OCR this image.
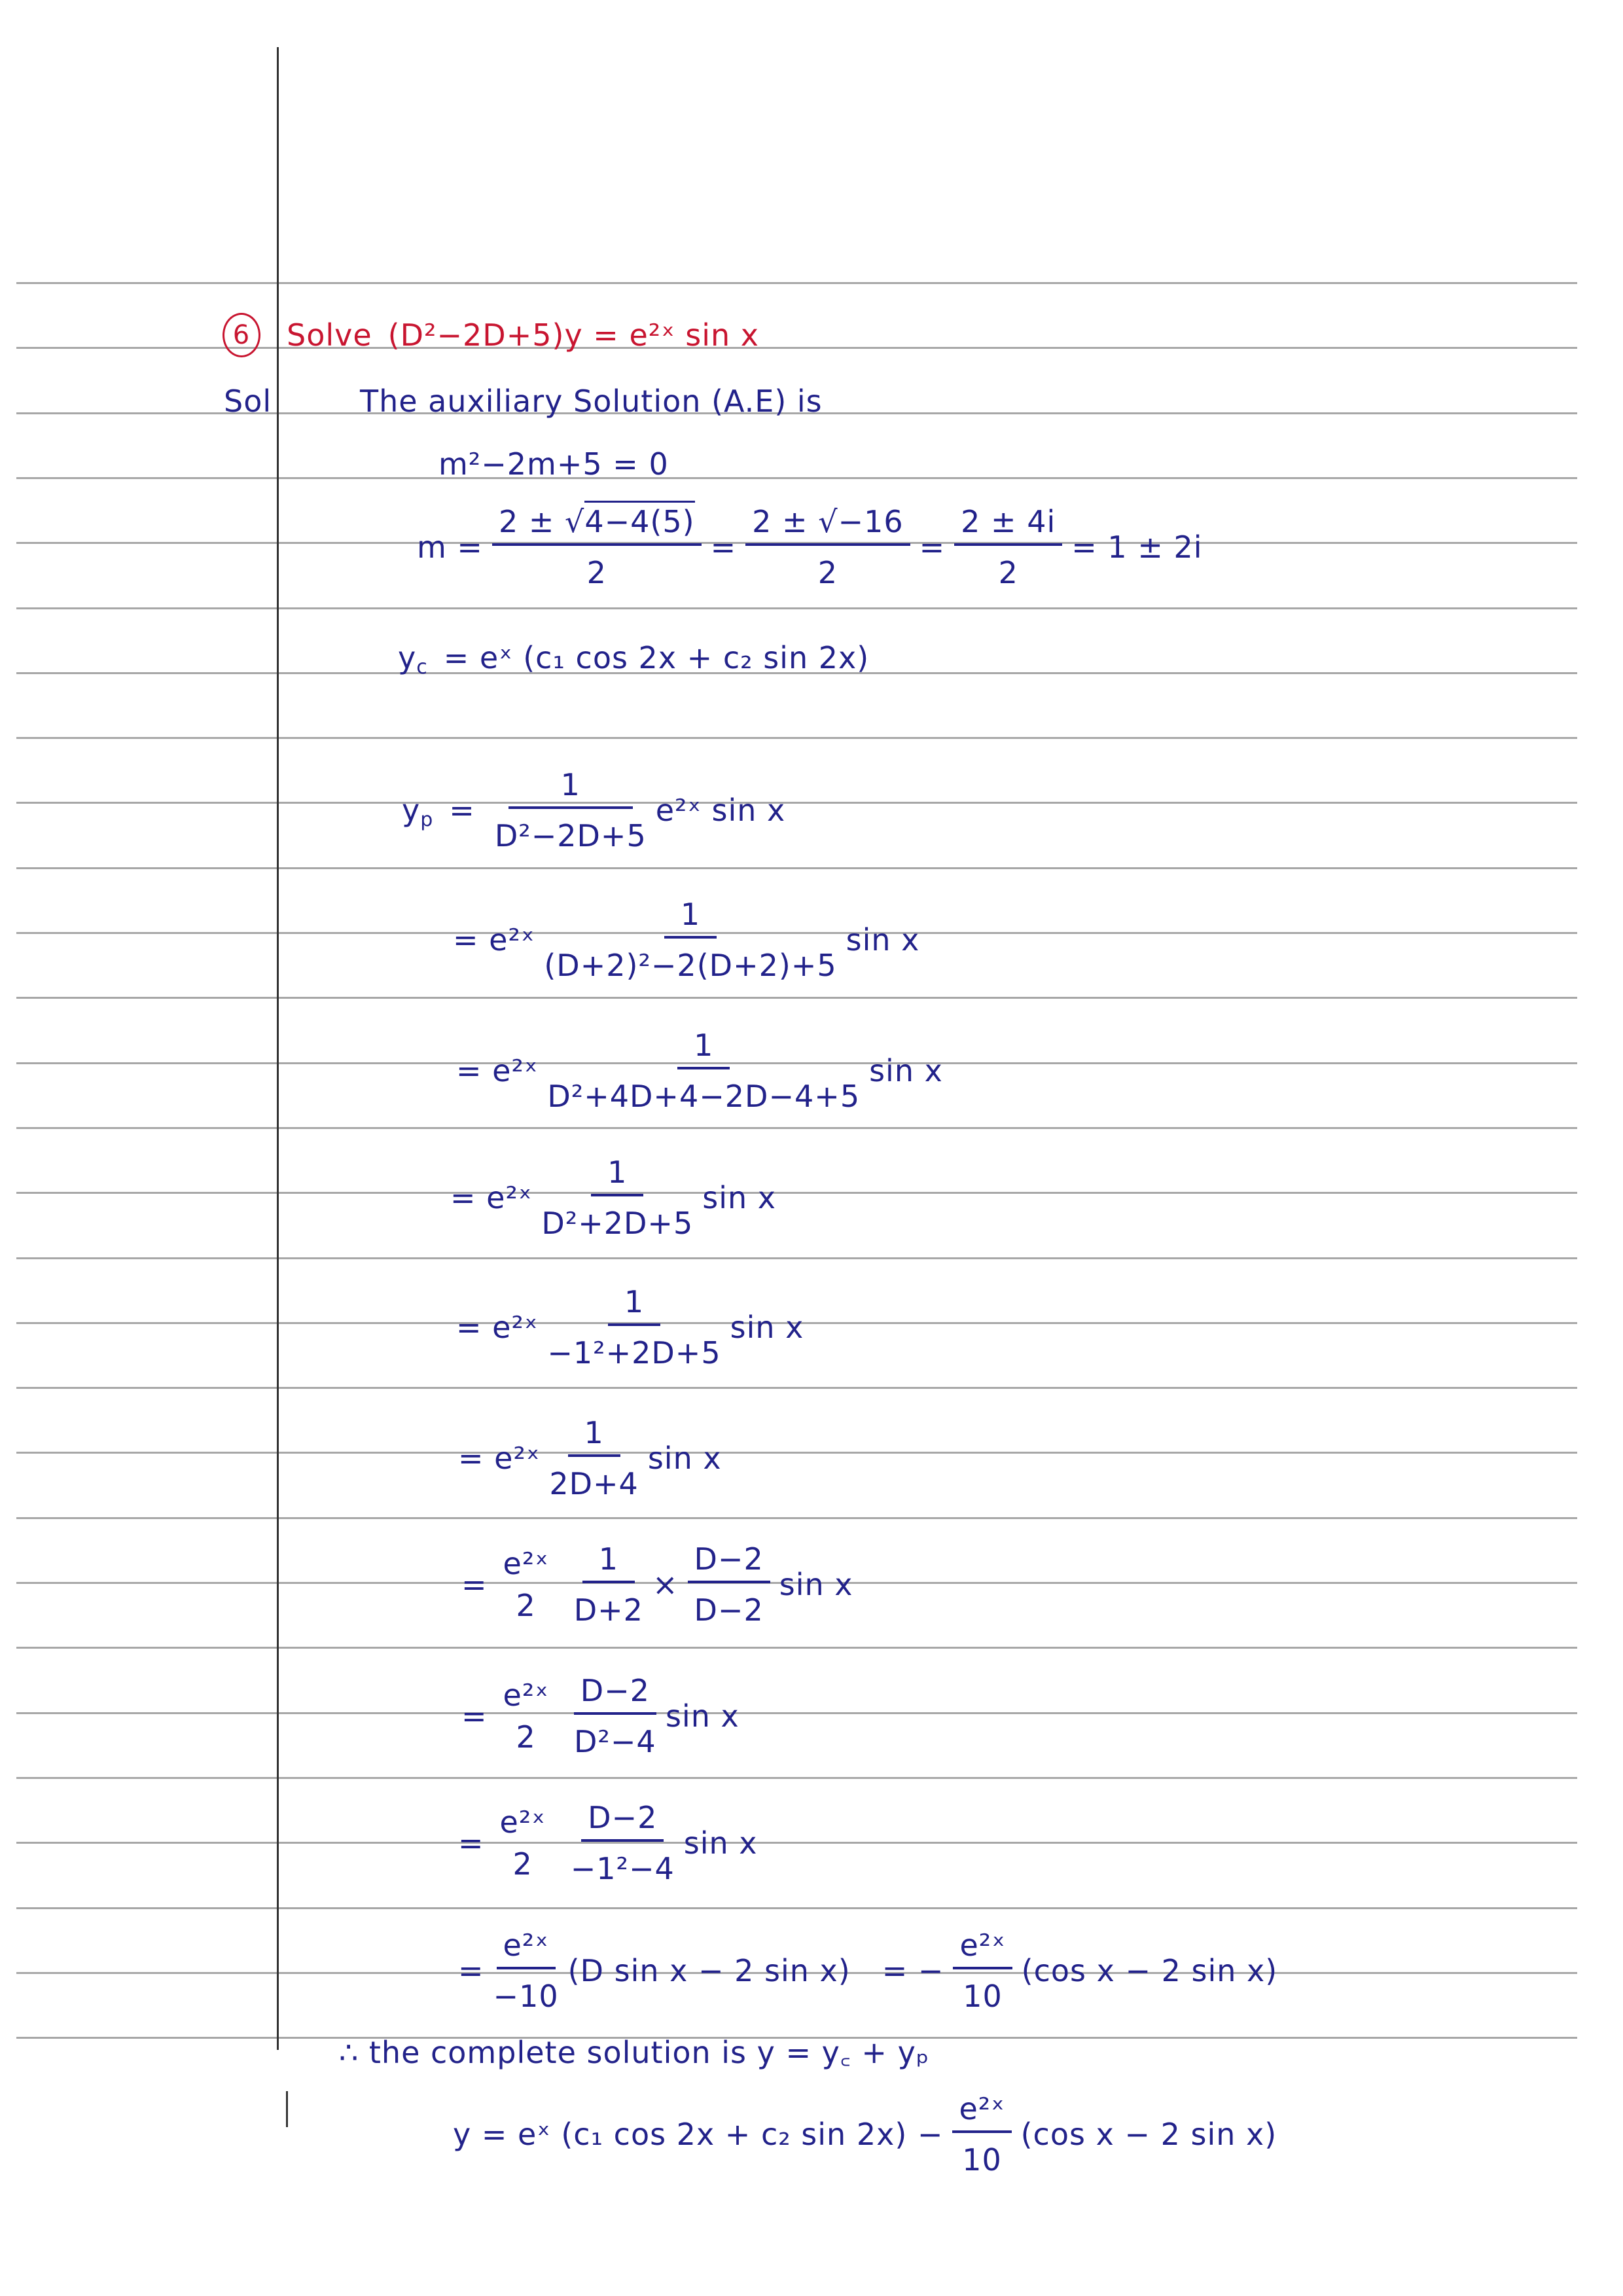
6	Solve (D²−2D+5)y = e²ˣ sin x
Sol	The auxiliary Solution (A.E) is
m²−2m+5 = 0
$m = \frac{2 \pm √4-4(5)}{2} = \frac{2 \pm √-16}{2} = \frac{2 \pm 4i}{2} = 1 \pm 2i$
y c = eˣ (c₁ cos 2x + c₂ sin 2x)
y $p = \frac{1}{\text{D²−2D+5}}$ e²ˣ sin x
= e²ˣ $\frac{1}{\text{(D+2)²−2(D+2)+5}}$ sin x
= e²ˣ $\frac{1}{\text{D²+4D+4−2D−4+5}}$ sin x
= e²ˣ $\frac{1}{\text{D²+2D+5}}$ sin x
= e²ˣ $\frac{1}{\text{−1²+2D+5}}$ sin x
= e²ˣ $\frac{1}{2D+4}$ sin x
=
e²ˣ
$2 \frac{1}{D+2} \times \frac{D-2}{D-2}$ sin x
=
e²ˣ
$2 \frac{D-2}{\text{D²−4}}$ sin x
=
e²ˣ
$2 \frac{D-2}{\text{−1²−4}}$ sin x
= $\frac{\text{e²ˣ}}{-10} (D$ sin x − 2 sin x) = − $\frac{\text{e²ˣ}}{10} (\cos$ x − 2 sin x)
∴ the complete solution is y = y꜀ + yₚ
y = eˣ (c₁ cos 2x + c₂ $\sin 2x) - \frac{\text{e²ˣ}}{10} (\cos$ x − 2 sin x)
